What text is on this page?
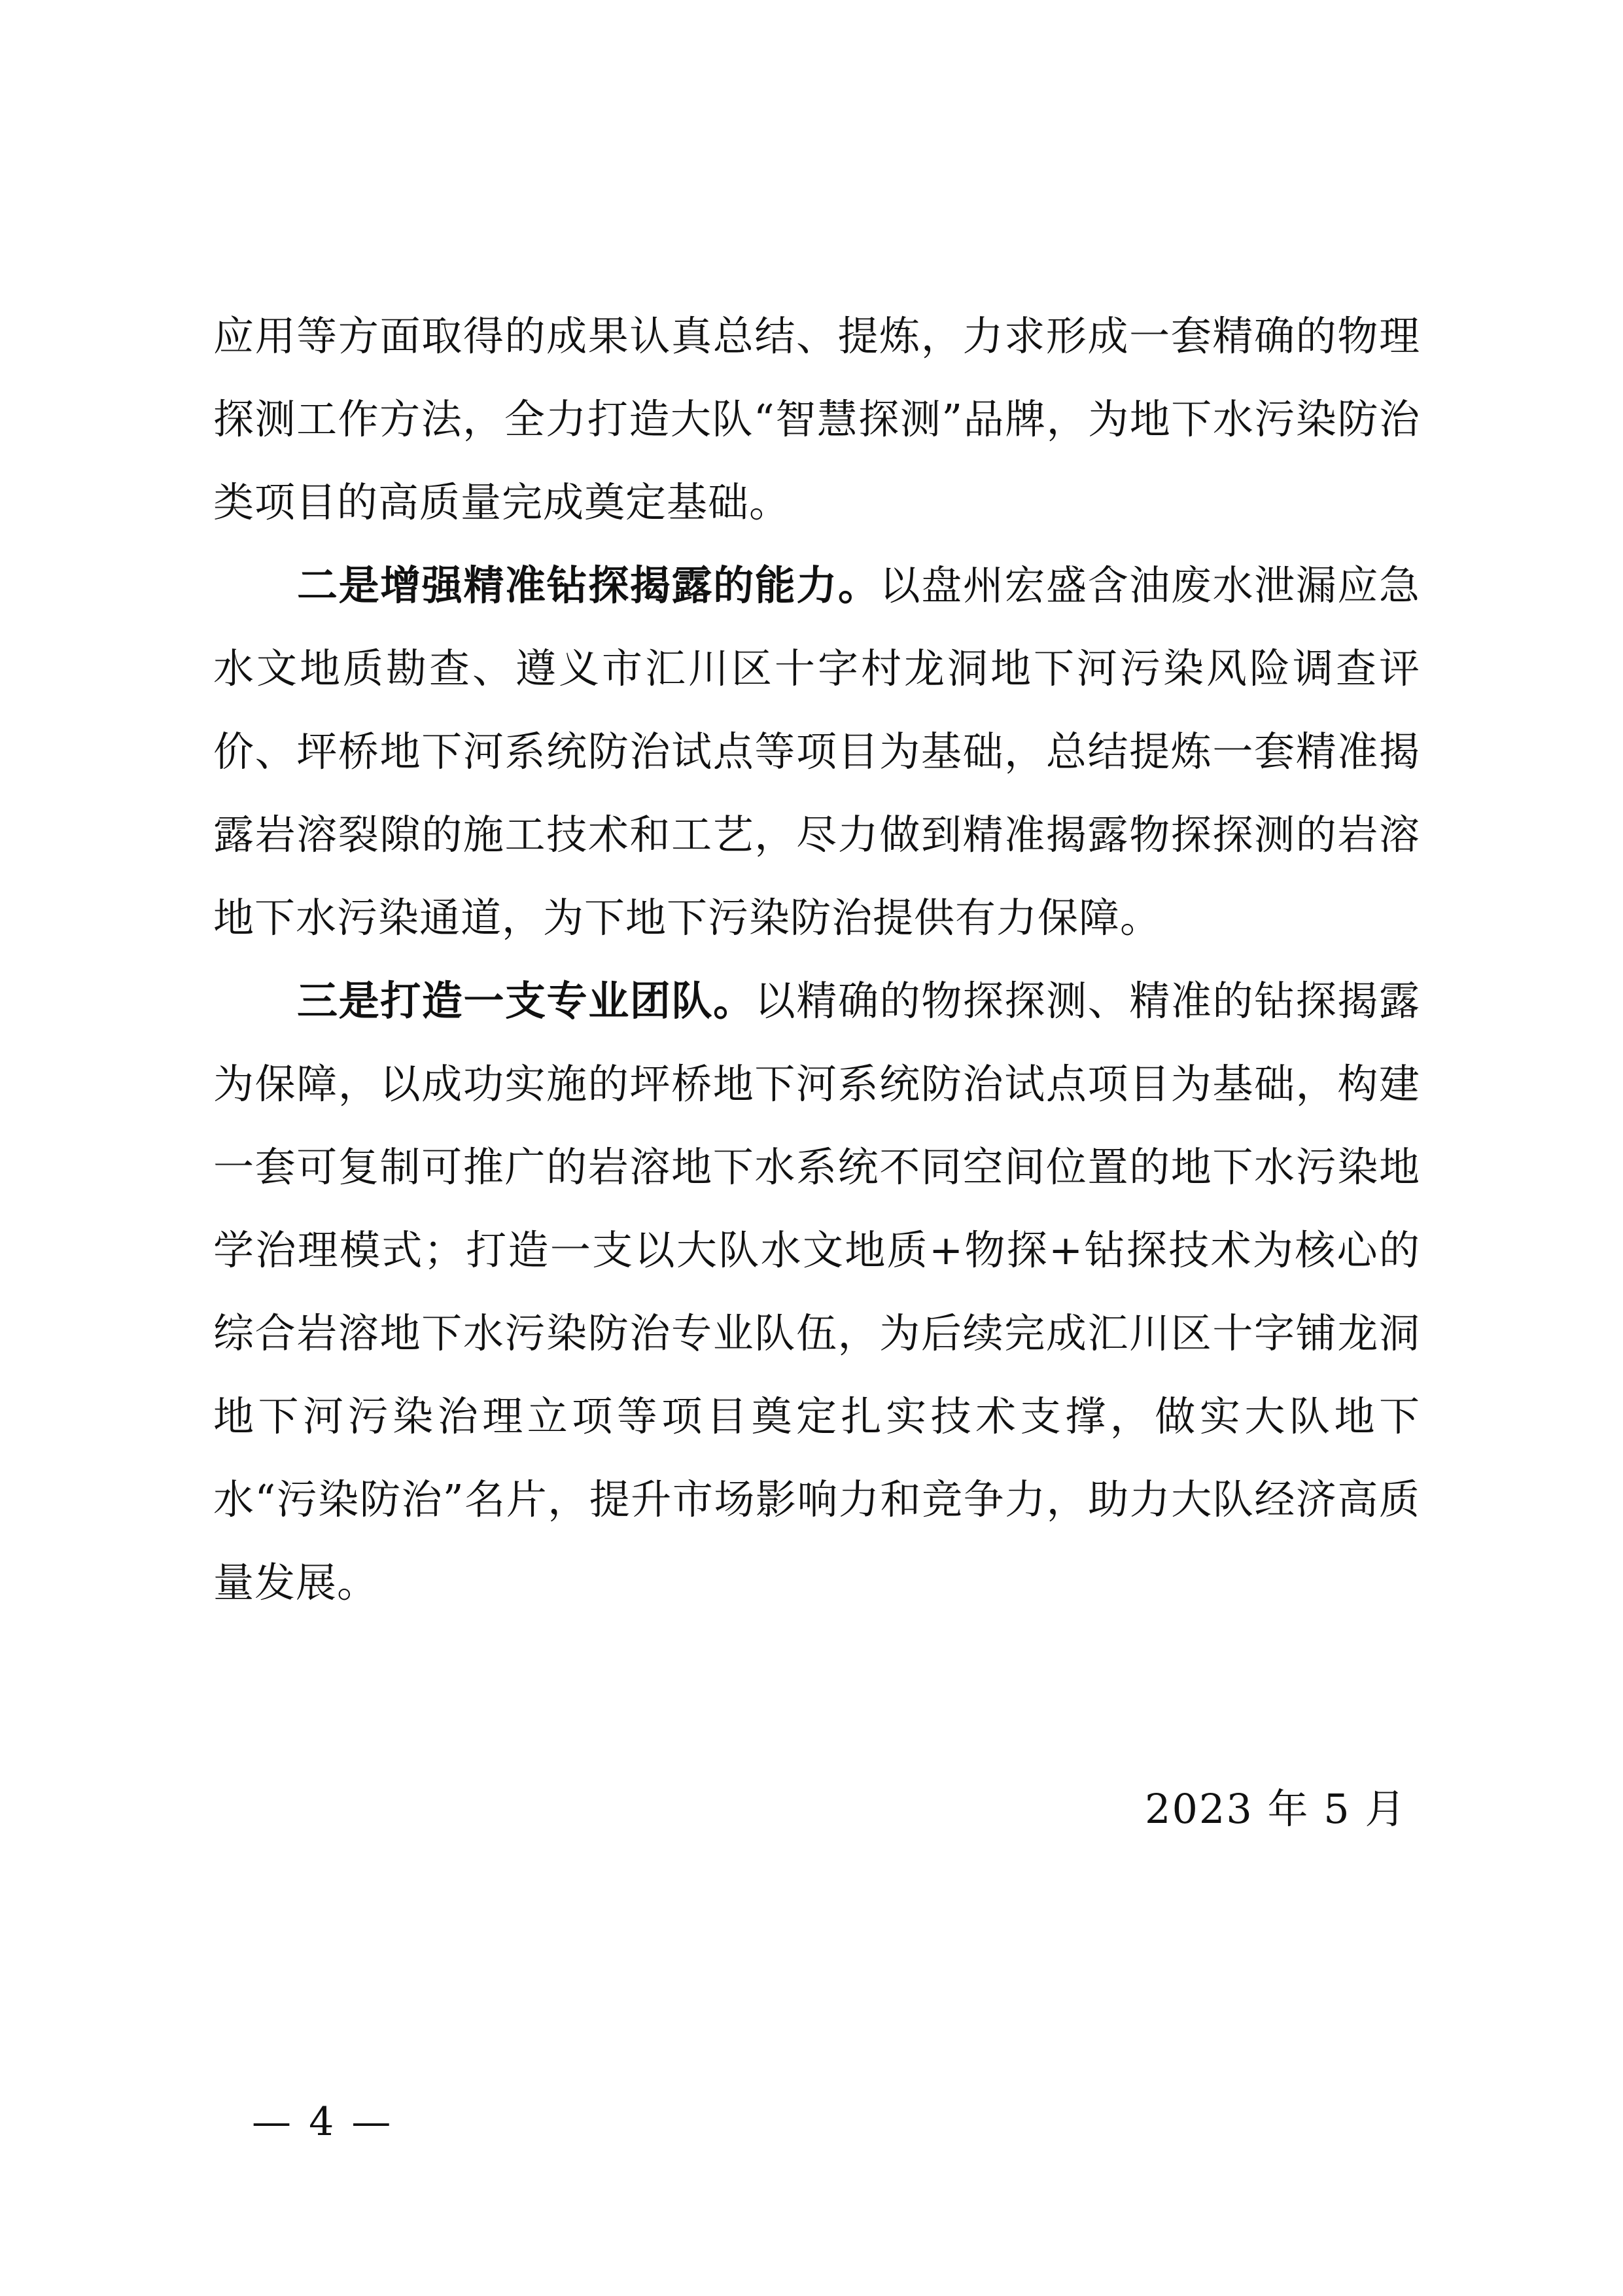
应用等方面取得的成果认真总结、提炼，力求形成一套精确的物理探测工作方法，全力打造大队“智慧探测”品牌，为地下水污染防治类项目的高质量完成奠定基础。

二是增强精准钻探揭露的能力。以盘州宏盛含油废水泄漏应急水文地质勘查、遵义市汇川区十字村龙洞地下河污染风险调查评价、坪桥地下河系统防治试点等项目为基础，总结提炼一套精准揭露岩溶裂隙的施工技术和工艺，尽力做到精准揭露物探探测的岩溶地下水污染通道，为下地下污染防治提供有力保障。

三是打造一支专业团队。以精确的物探探测、精准的钻探揭露为保障，以成功实施的坪桥地下河系统防治试点项目为基础，构建一套可复制可推广的岩溶地下水系统不同空间位置的地下水污染地学治理模式；打造一支以大队水文地质+物探+钻探技术为核心的综合岩溶地下水污染防治专业队伍，为后续完成汇川区十字铺龙洞地下河污染治理立项等项目奠定扎实技术支撑，做实大队地下水“污染防治”名片，提升市场影响力和竞争力，助力大队经济高质量发展。

2023 年 5 月
— 4 —
